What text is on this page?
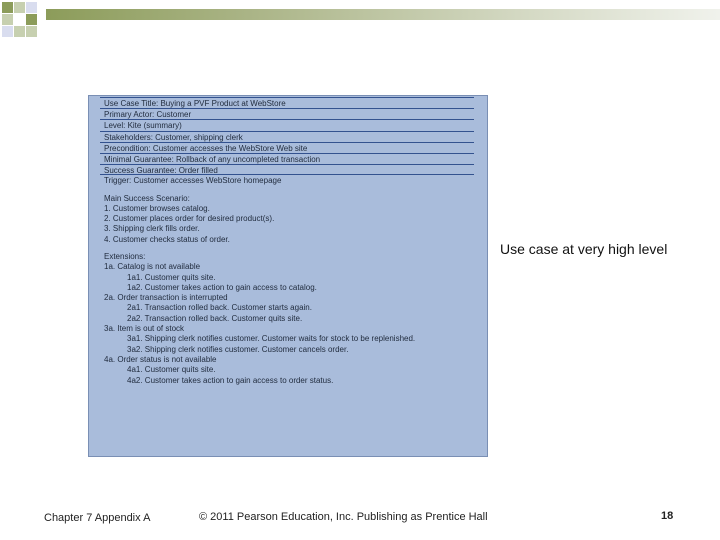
Use Case Title: Buying a PVF Product at WebStore
Primary Actor: Customer
Level: Kite (summary)
Stakeholders: Customer, shipping clerk
Precondition: Customer accesses the WebStore Web site
Minimal Guarantee: Rollback of any uncompleted transaction
Success Guarantee: Order filled
Trigger: Customer accesses WebStore homepage
Main Success Scenario:
1. Customer browses catalog.
2. Customer places order for desired product(s).
3. Shipping clerk fills order.
4. Customer checks status of order.
Extensions:
1a. Catalog is not available
1a1. Customer quits site.
1a2. Customer takes action to gain access to catalog.
2a. Order transaction is interrupted
2a1. Transaction rolled back. Customer starts again.
2a2. Transaction rolled back. Customer quits site.
3a. Item is out of stock
3a1. Shipping clerk notifies customer. Customer waits for stock to be replenished.
3a2. Shipping clerk notifies customer. Customer cancels order.
4a. Order status is not available
4a1. Customer quits site.
4a2. Customer takes action to gain access to order status.
Use case at very high level
Chapter 7 Appendix A	© 2011 Pearson Education, Inc. Publishing as Prentice Hall	18
